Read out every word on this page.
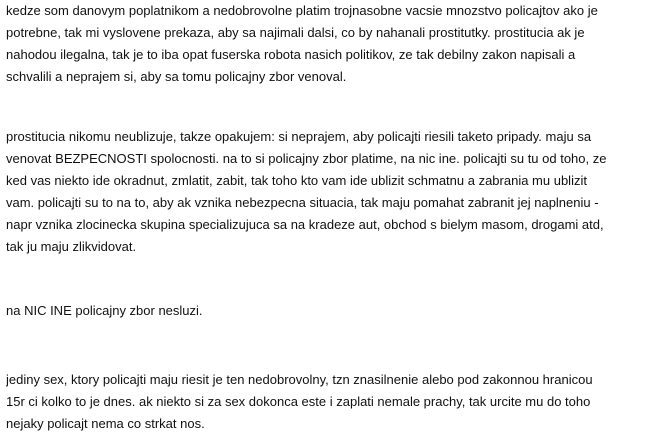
kedze som danovym poplatnikom a nedobrovolne platim trojnasobne vacsie mnozstvo policajtov ako je
potrebne, tak mi vyslovene prekaza, aby sa najimali dalsi, co by nahanali prostitutky. prostitucia ak je
nahodou ilegalna, tak je to iba opat fuserska robota nasich politikov, ze tak debilny zakon napisali a
schvalili a neprajem si, aby sa tomu policajny zbor venoval.
prostitucia nikomu neublizuje, takze opakujem: si neprajem, aby policajti riesili taketo pripady. maju sa
venovat BEZPECNOSTI spolocnosti. na to si policajny zbor platime, na nic ine. policajti su tu od toho, ze
ked vas niekto ide okradnut, zmlatit, zabit, tak toho kto vam ide ublizit schmatnu a zabrania mu ublizit
vam. policajti su to na to, aby ak vznika nebezpecna situacia, tak maju pomahat zabranit jej naplneniu -
napr vznika zlocinecka skupina specializujuca sa na kradeze aut, obchod s bielym masom, drogami atd,
tak ju maju zlikvidovat.
na NIC INE policajny zbor nesluzi.
jediny sex, ktory policajti maju riesit je ten nedobrovolny, tzn znasilnenie alebo pod zakonnou hranicou
15r ci kolko to je dnes. ak niekto si za sex dokonca este i zaplati nemale prachy, tak urcite mu do toho
nejaky policajt nema co strkat nos.
